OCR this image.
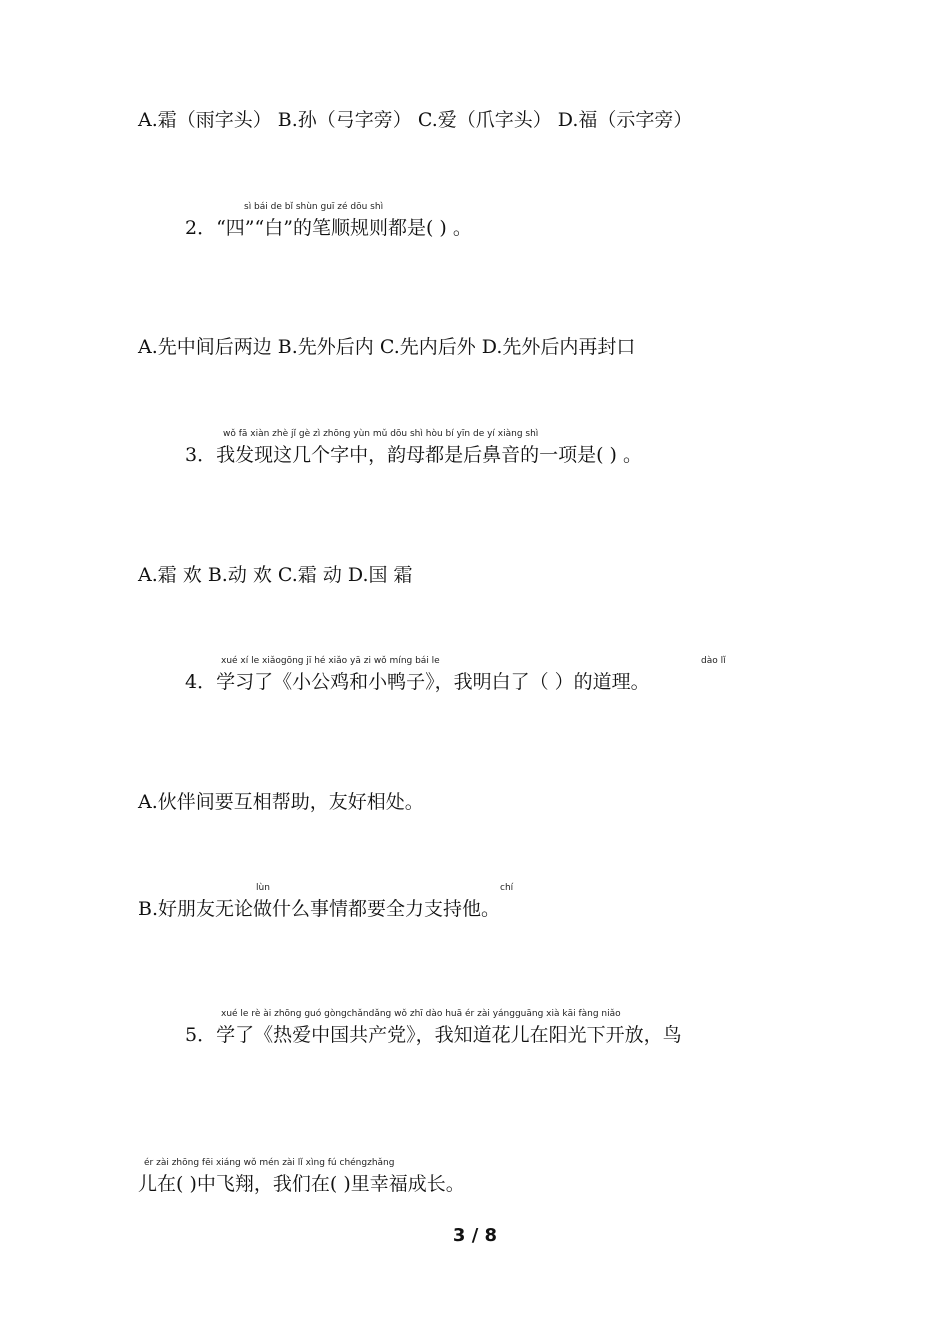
A.霜（雨字头） B.孙（弓字旁） C.爱（爪字头） D.福（示字旁）
sì bái de bǐ shùn guī zé dōu shì
2．“四”“白”的笔顺规则都是( ) 。
A.先中间后两边 B.先外后内 C.先内后外 D.先外后内再封口
wǒ fā xiàn zhè jǐ gè zì zhōng yùn mǔ dōu shì hòu bí yīn de yí xiàng shì
3．我发现这几个字中，韵母都是后鼻音的一项是( ) 。
A.霜 欢 B.动 欢 C.霜 动 D.国 霜
xué xí le xiǎogōng jī hé xiǎo yā zi wǒ míng bái le	dào lǐ
4．学习了《小公鸡和小鸭子》，我明白了（ ）的道理。
A.伙伴间要互相帮助，友好相处。
lùn	chí
B.好朋友无论做什么事情都要全力支持他。
xué le rè ài zhōng guó gòngchǎndǎng wǒ zhī dào huā ér zài yángguāng xià kāi fàng niǎo
5．学了《热爱中国共产党》，我知道花儿在阳光下开放，鸟
ér zài zhōng fēi xiáng wǒ mén zài lǐ xìng fú chéngzhǎng
儿在( )中飞翔，我们在( )里幸福成长。
3 / 8
